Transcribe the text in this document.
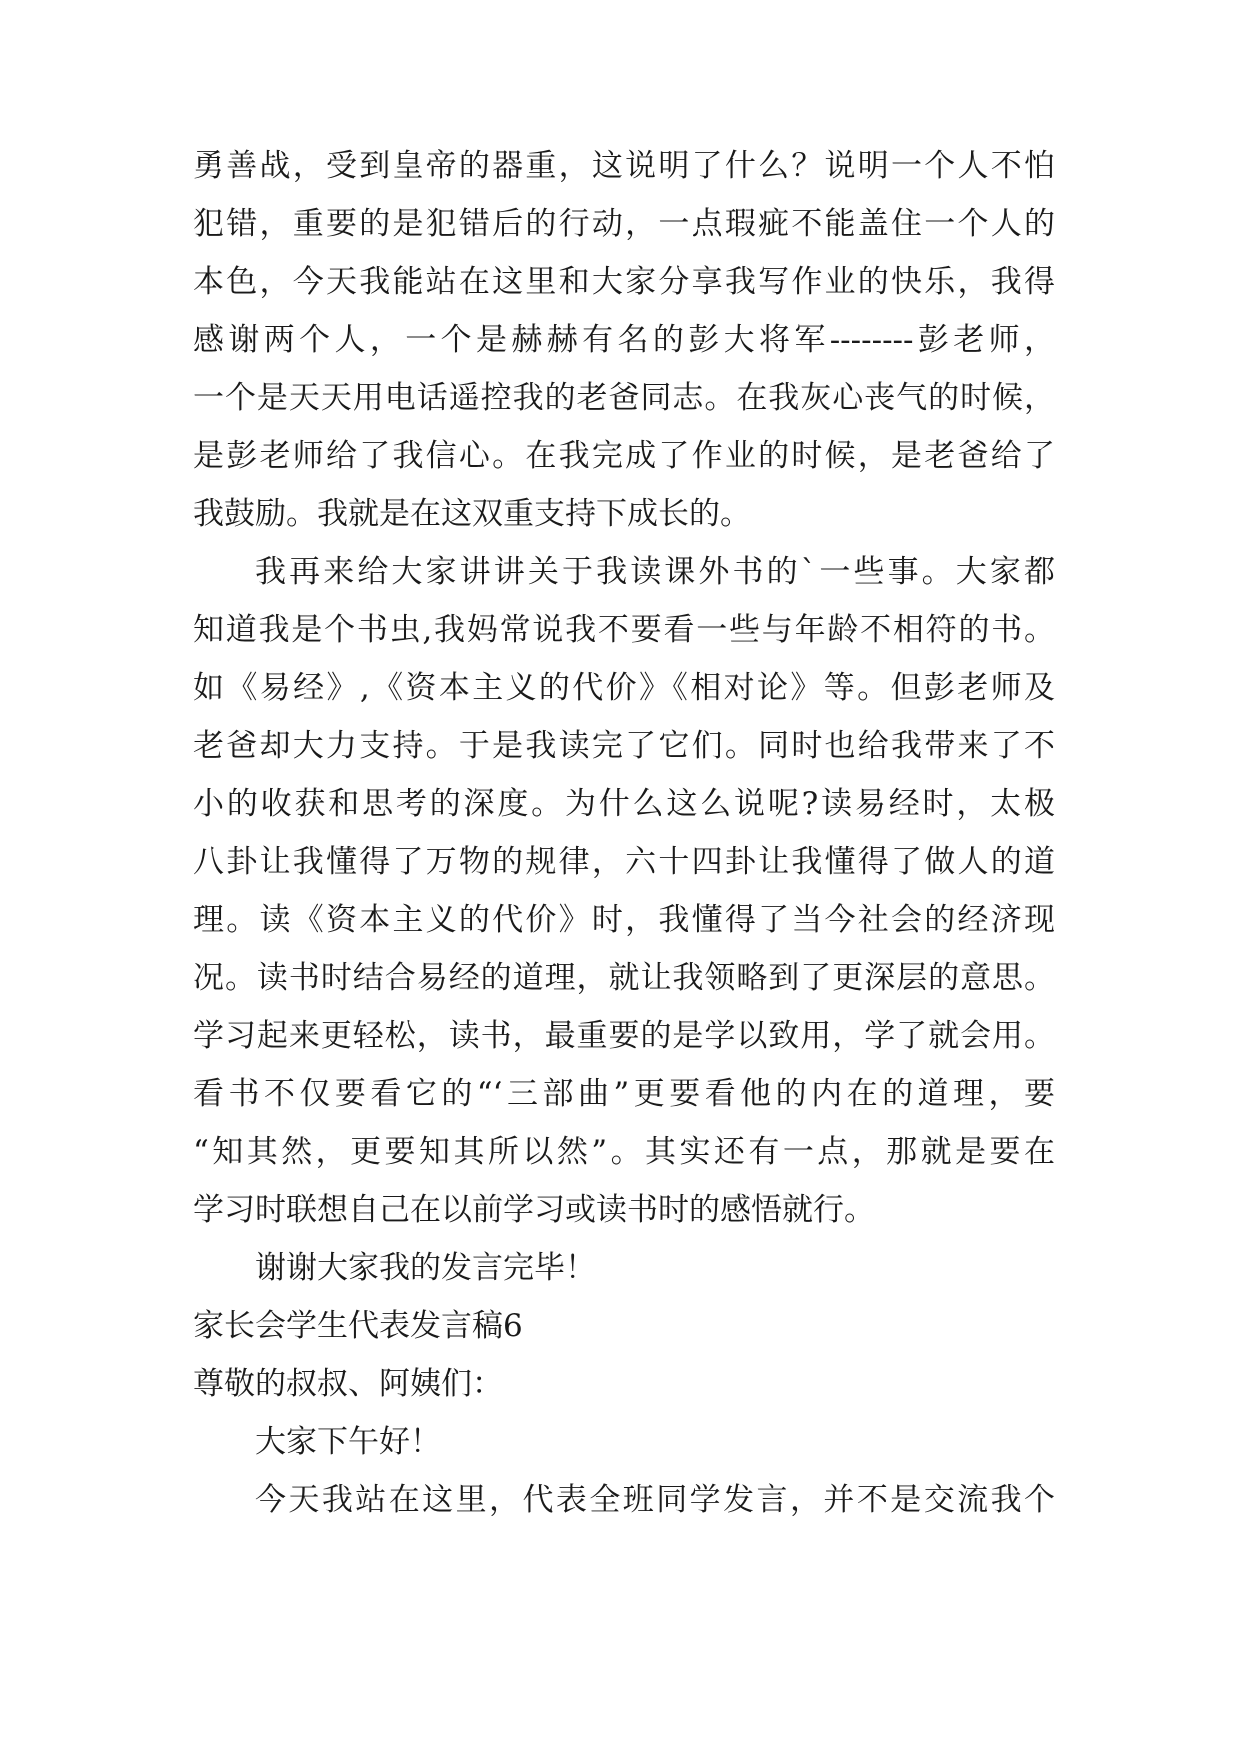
勇善战，受到皇帝的器重，这说明了什么？说明一个人不怕
犯错，重要的是犯错后的行动，一点瑕疵不能盖住一个人的
本色，今天我能站在这里和大家分享我写作业的快乐，我得
感谢两个人，一个是赫赫有名的彭大将军--------彭老师，
一个是天天用电话遥控我的老爸同志。在我灰心丧气的时候，
是彭老师给了我信心。在我完成了作业的时候，是老爸给了
我鼓励。我就是在这双重支持下成长的。
我再来给大家讲讲关于我读课外书的`一些事。大家都
知道我是个书虫,我妈常说我不要看一些与年龄不相符的书。
如《易经》,《资本主义的代价》《相对论》等。但彭老师及
老爸却大力支持。于是我读完了它们。同时也给我带来了不
小的收获和思考的深度。为什么这么说呢?读易经时，太极
八卦让我懂得了万物的规律，六十四卦让我懂得了做人的道
理。读《资本主义的代价》时，我懂得了当今社会的经济现
况。读书时结合易经的道理，就让我领略到了更深层的意思。
学习起来更轻松，读书，最重要的是学以致用，学了就会用。
看书不仅要看它的“‘三部曲”更要看他的内在的道理，要
“知其然，更要知其所以然”。其实还有一点，那就是要在
学习时联想自己在以前学习或读书时的感悟就行。
谢谢大家我的发言完毕！
家长会学生代表发言稿6
尊敬的叔叔、阿姨们：
大家下午好！
今天我站在这里，代表全班同学发言，并不是交流我个
